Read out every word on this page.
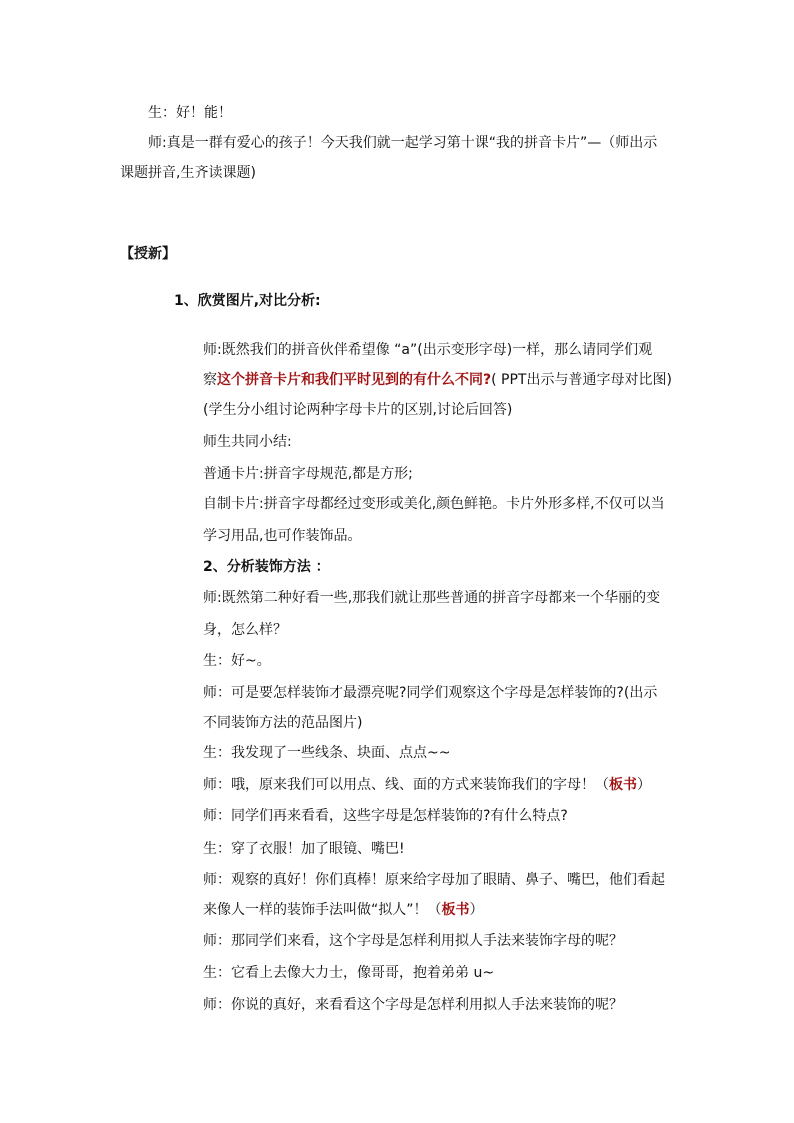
生：好！能！
师:真是一群有爱心的孩子！今天我们就一起学习第十课“我的拼音卡片”—（师出示
课题拼音,生齐读课题)
【授新】
1、欣赏图片,对比分析:
师:既然我们的拼音伙伴希望像 “a”(出示变形字母)一样，那么请同学们观
察这个拼音卡片和我们平时见到的有什么不同?( PPT出示与普通字母对比图)
(学生分小组讨论两种字母卡片的区别,讨论后回答)
师生共同小结:
普通卡片:拼音字母规范,都是方形;
自制卡片:拼音字母都经过变形或美化,颜色鲜艳。卡片外形多样,不仅可以当
学习用品,也可作装饰品。
2、分析装饰方法 ：
师:既然第二种好看一些,那我们就让那些普通的拼音字母都来一个华丽的变
身，怎么样？
生：好~。
师：可是要怎样装饰才最漂亮呢?同学们观察这个字母是怎样装饰的?(出示
不同装饰方法的范品图片)
生：我发现了一些线条、块面、点点~~
师：哦，原来我们可以用点、线、面的方式来装饰我们的字母！（板书）
师：同学们再来看看，这些字母是怎样装饰的?有什么特点?
生：穿了衣服！加了眼镜、嘴巴!
师：观察的真好！你们真棒！原来给字母加了眼睛、鼻子、嘴巴，他们看起
来像人一样的装饰手法叫做“拟人”！（板书）
师：那同学们来看，这个字母是怎样利用拟人手法来装饰字母的呢？
生：它看上去像大力士，像哥哥，抱着弟弟 u~
师：你说的真好，来看看这个字母是怎样利用拟人手法来装饰的呢？
